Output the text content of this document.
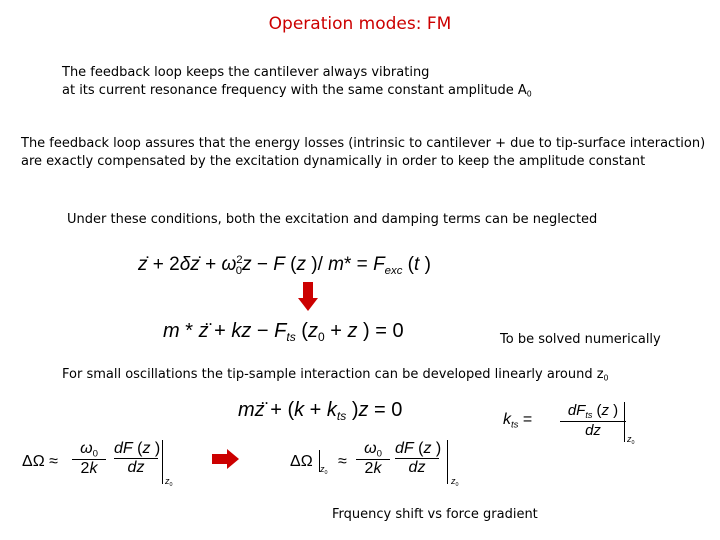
Operation modes: FM
The feedback loop keeps the cantilever always vibrating
at its current resonance frequency with the same constant amplitude $A_0$
The feedback loop assures that the energy losses (intrinsic to cantilever + due to tip-surface interaction)
are exactly compensated by the excitation dynamically in order to keep the amplitude constant
Under these conditions, both the excitation and damping terms can be neglected
ż + 2δż + $\omega^2_0z - F$ (z )/ $m* = F_{exc}$ (t )
m * z̈ + kz − $F_{ts}$ ($z_0 + z$ ) = 0	To be solved numerically
For small oscillations the tip-sample interaction can be developed linearly around $z_0$
mz̈ + ($k + k_{ts}$ )z = 0	$k_{ts}$ =
$dF_{ts}$ (z )
dz	$z_0$
ΔΩ ≈
$\omega_0$
2k
dF (z )
dz
$z_0$
ΔΩ $z_0$
≈
$\omega_0$
2k
dF (z )
dz
$z_0$
Frquency shift vs force gradient
